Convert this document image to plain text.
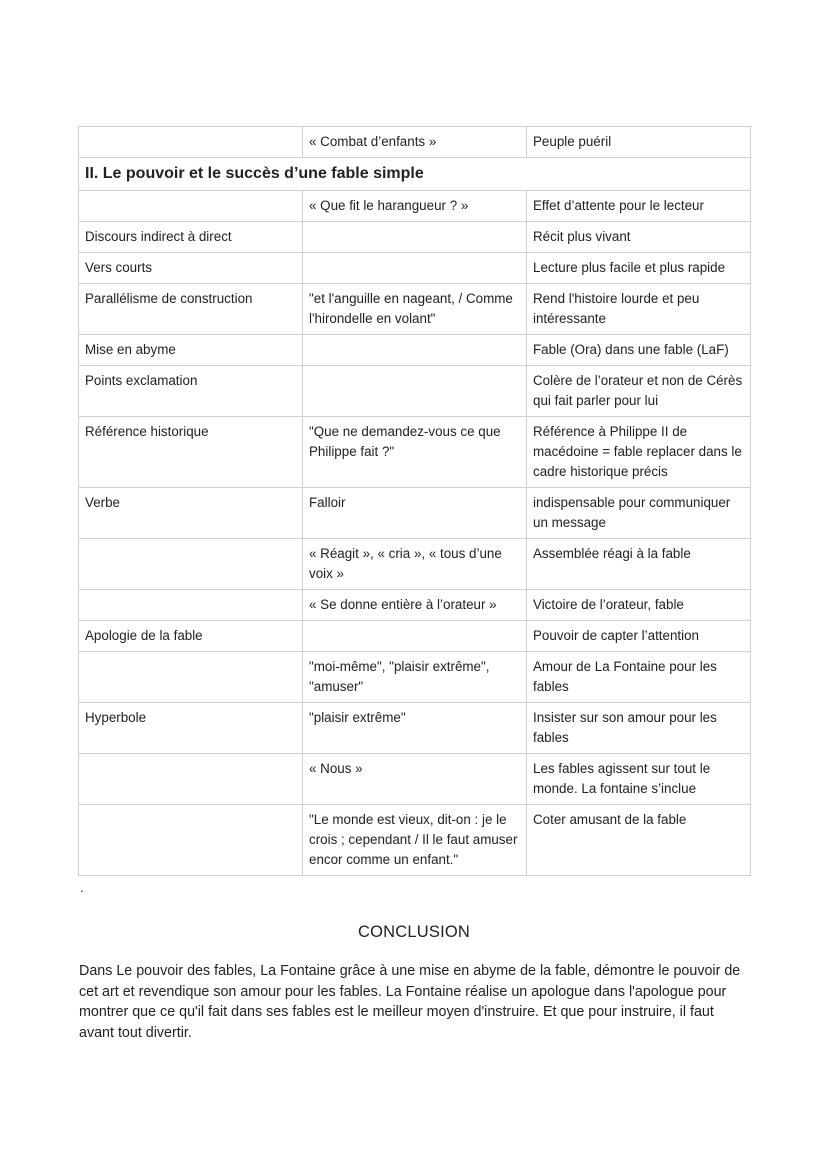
	« Combat d’enfants »	Peuple puéril
II. Le pouvoir et le succès d’une fable simple		
	« Que fit le harangueur ? »	Effet d’attente pour le lecteur
Discours indirect à direct		Récit plus vivant
Vers courts		Lecture plus facile et plus rapide
Parallélisme de construction	"et l'anguille en nageant, / Comme l'hirondelle en volant"	Rend l'histoire lourde et peu intéressante
Mise en abyme		Fable (Ora) dans une fable (LaF)
Points exclamation		Colère de l’orateur et non de Cérès qui fait parler pour lui
Référence historique	"Que ne demandez-vous ce que Philippe fait ?"	Référence à Philippe II de macédoine = fable replacer dans le cadre historique précis
Verbe	Falloir	indispensable pour communiquer un message
	« Réagit », « cria », « tous d’une voix »	Assemblée réagi à la fable
	« Se donne entière à l’orateur »	Victoire de l’orateur, fable
Apologie de la fable		Pouvoir de capter l’attention
	"moi-même", "plaisir extrême", "amuser"	Amour de La Fontaine pour les fables
Hyperbole	"plaisir extrême"	Insister sur son amour pour les fables
	« Nous »	Les fables agissent sur tout le monde. La fontaine s’inclue
	"Le monde est vieux, dit-on : je le crois ; cependant / Il le faut amuser encor comme un enfant."	Coter amusant de la fable
.
CONCLUSION

Dans Le pouvoir des fables, La Fontaine grâce à une mise en abyme de la fable, démontre le pouvoir de cet art et revendique son amour pour les fables. La Fontaine réalise un apologue dans l'apologue pour montrer que ce qu'il fait dans ses fables est le meilleur moyen d'instruire. Et que pour instruire, il faut avant tout divertir.
